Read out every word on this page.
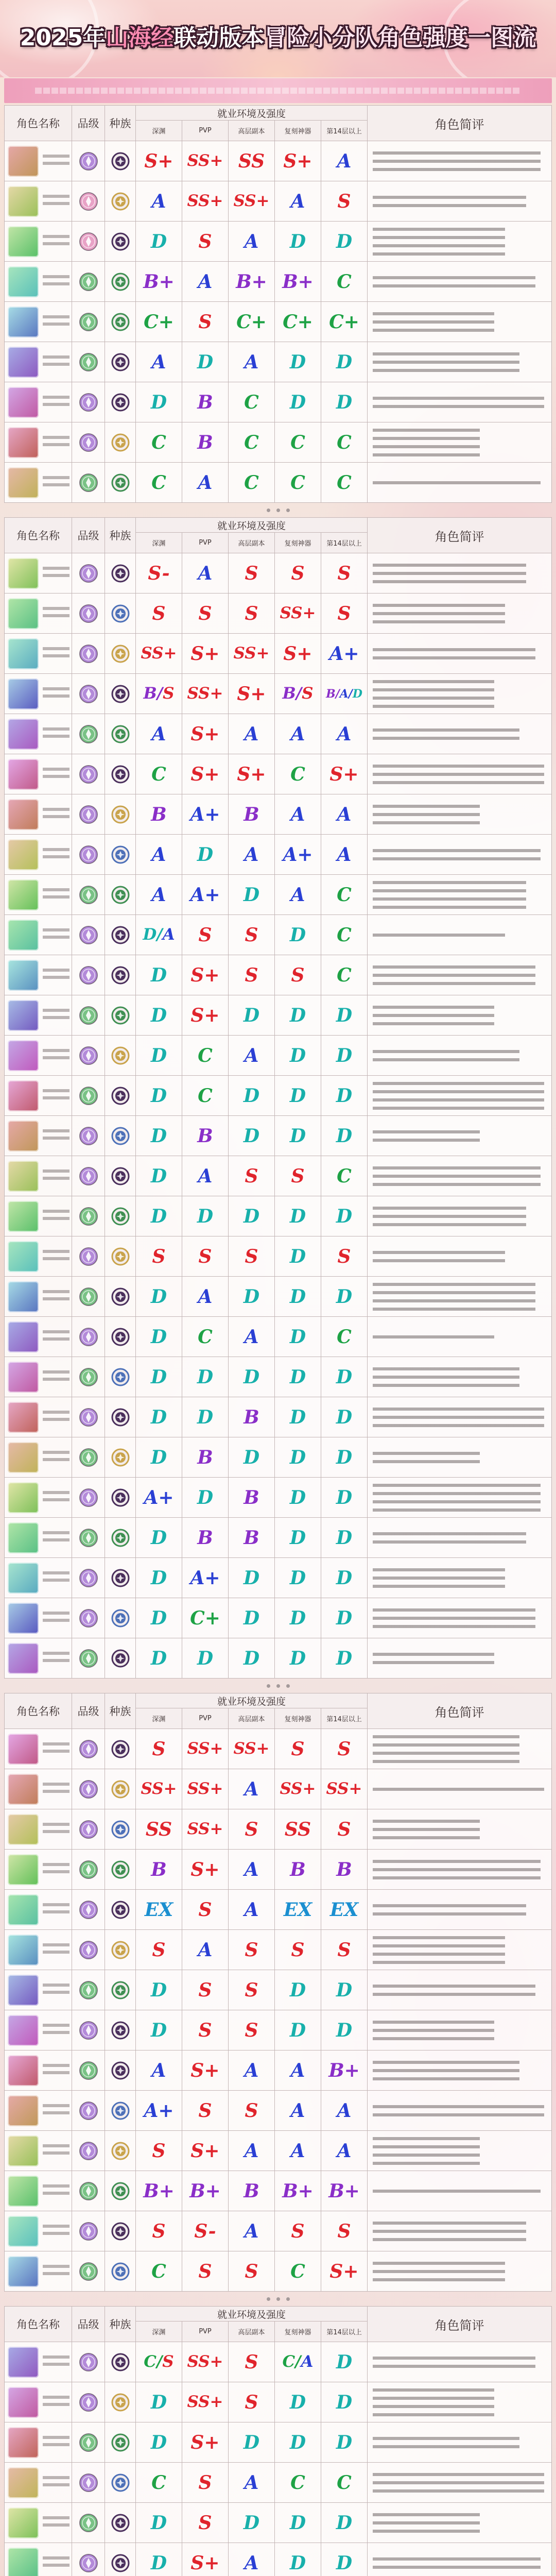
2025年山海经联动版本冒险小分队角色强度一图流
角色名称	品级 种族
就业环境及强度
深渊	PVP	高层副本	复刻神器	第14层以上	角色简评
S+ SS+ SS S+ A
A SS+ SS+ A S
D S A D D
B+ A B+ B+ C
C+ S C+ C+ C+
A D A D D
D B C D D
C B C C C
C A C C C
角色名称	品级 种族
就业环境及强度
深渊	PVP	高层副本	复刻神器	第14层以上	角色简评
S- A S S S
S S S SS+ S
SS+ S+ SS+ S+ A+
B/S SS+ S+ B/S B/A/D
A S+ A A A
C S+ S+ C S+
B A+ B A A
A D A A+ A
A A+ D A C
D/A S S D C
D S+ S S C
D S+ D D D
D C A D D
D C D D D
D B D D D
D A S S C
D D D D D
S S S D S
D A D D D
D C A D C
D D D D D
D D B D D
D B D D D
A+ D B D D
D B B D D
D A+ D D D
D C+ D D D
D D D D D
角色名称	品级 种族
就业环境及强度
深渊	PVP	高层副本	复刻神器	第14层以上	角色简评
S SS+ SS+ S S
SS+ SS+ A SS+ SS+
SS SS+ S SS S
B S+ A B B
EX S A EX EX
S A S S S
D S S D D
D S S D D
A S+ A A B+
A+ S S A A
S S+ A A A
B+ B+ B B+ B+
S S- A S S
C S S C S+
角色名称	品级 种族
就业环境及强度
深渊	PVP	高层副本	复刻神器	第14层以上	角色简评
C/S SS+ S C/A D
D SS+ S D D
D S+ D D D
C S A C C
D S D D D
D S+ A D D
